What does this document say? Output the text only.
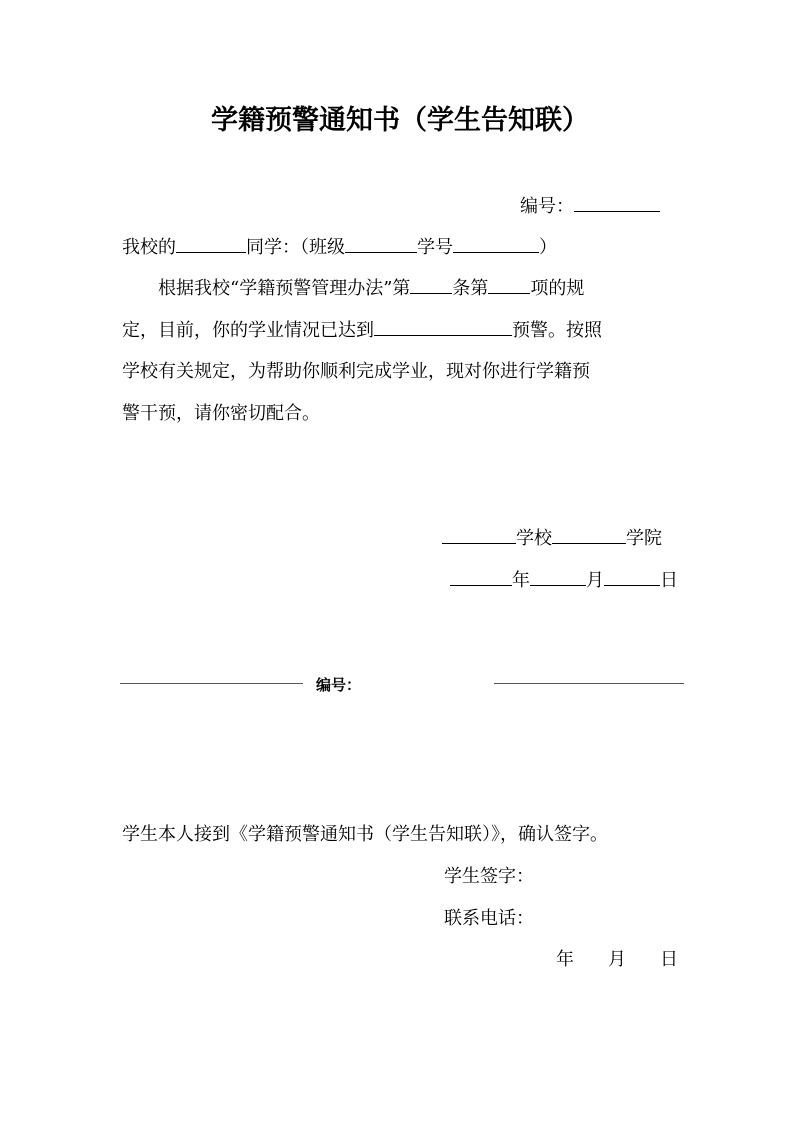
学籍预警通知书（学生告知联）
编号：
我校的	同学：（班级	学号	）
根据我校“学籍预警管理办法”第 条第 项的规
定，目前，你的学业情况已达到	预警。按照
学校有关规定，为帮助你顺利完成学业，现对你进行学籍预
警干预，请你密切配合。
学校	学院
年	月	日
编号：
学生本人接到《学籍预警通知书（学生告知联）》，确认签字。
学生签字：
联系电话：
年 月 日
